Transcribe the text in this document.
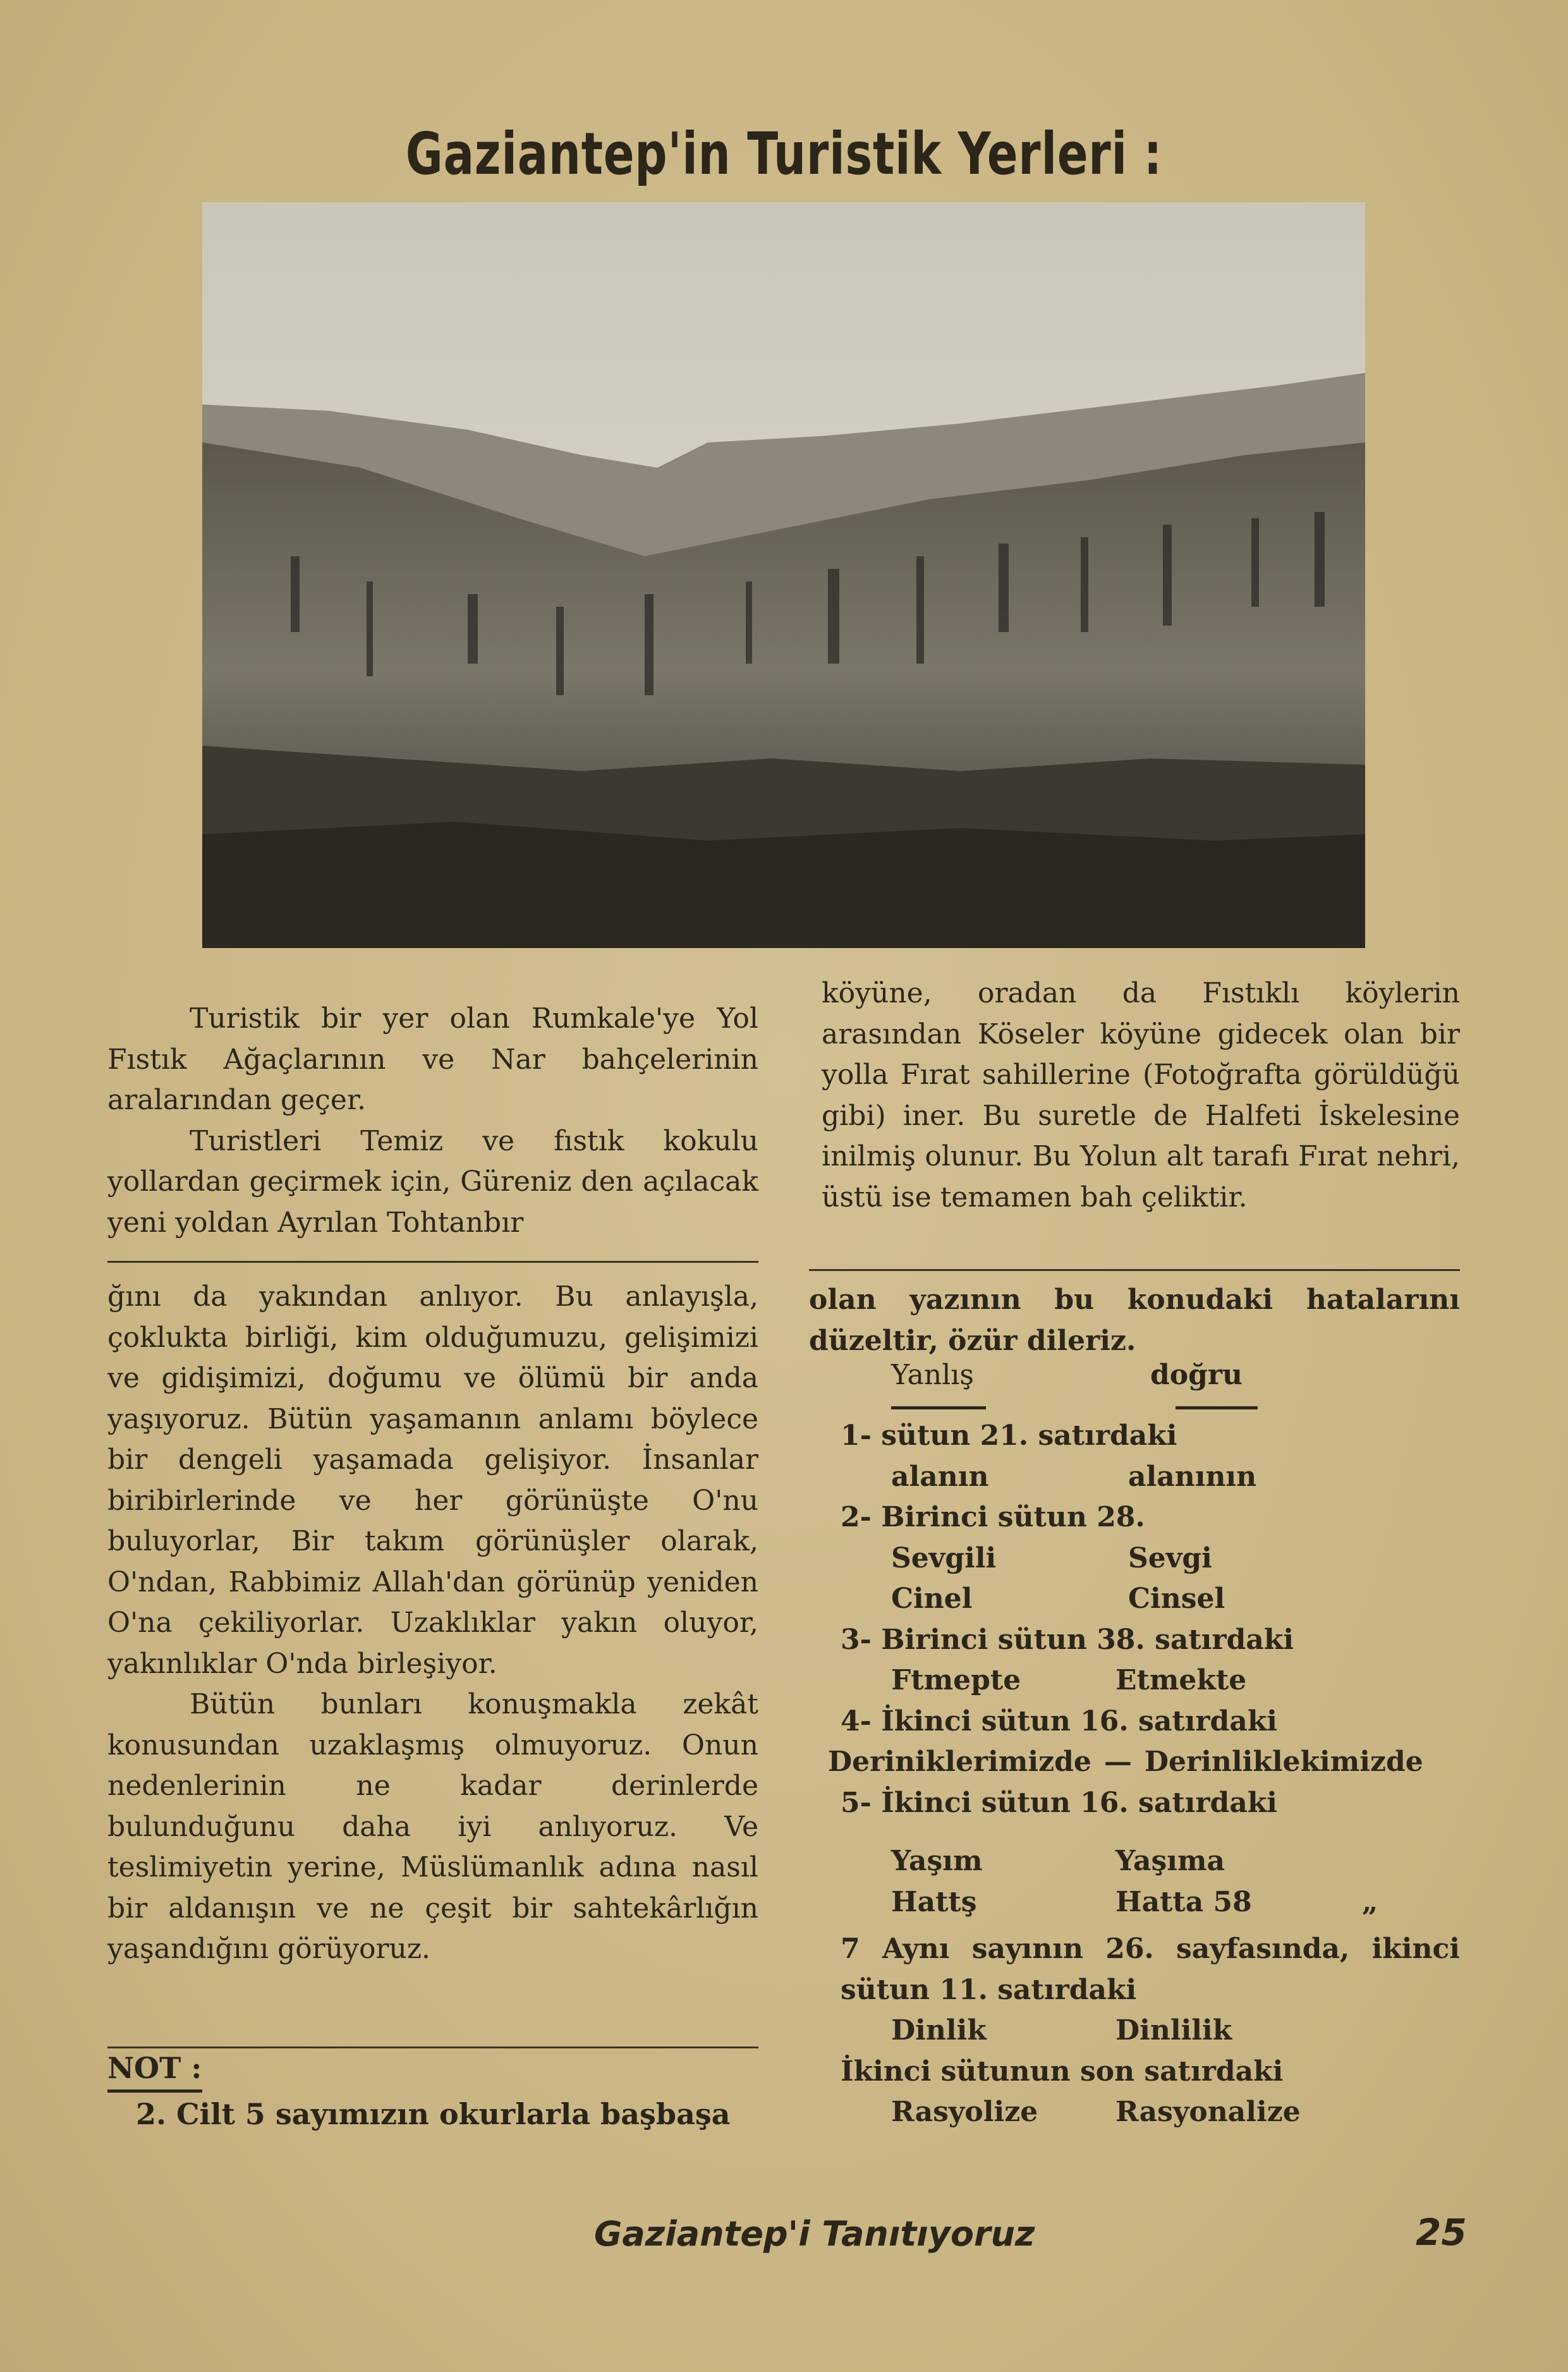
Gaziantep'in Turistik Yerleri :

Turistik bir yer olan Rumkale'ye Yol Fıstık Ağaçlarının ve Nar bahçelerinin aralarından geçer.

Turistleri Temiz ve fıstık kokulu yollardan geçirmek için, Güreniz den açılacak yeni yoldan Ayrılan Tohtanbır

köyüne, oradan da Fıstıklı köylerin arasından Köseler köyüne gidecek olan bir yolla Fırat sahillerine (Fotoğrafta görüldüğü gibi) iner. Bu suretle de Halfeti İskelesine inilmiş olunur. Bu Yolun alt tarafı Fırat nehri, üstü ise temamen bah çeliktir.

ğını da yakından anlıyor. Bu anlayışla, çoklukta birliği, kim olduğumuzu, gelişimizi ve gidişimizi, doğumu ve ölümü bir anda yaşıyoruz. Bütün yaşamanın anlamı böylece bir dengeli yaşamada gelişiyor. İnsanlar biribirlerinde ve her görünüşte O'nu buluyorlar, Bir takım görünüşler olarak, O'ndan, Rabbimiz Allah'dan görünüp yeniden O'na çekiliyorlar. Uzaklıklar yakın oluyor, yakınlıklar O'nda birleşiyor.

Bütün bunları konuşmakla zekât konusundan uzaklaşmış olmuyoruz. Onun nedenlerinin ne kadar derinlerde bulunduğunu daha iyi anlıyoruz. Ve teslimiyetin yerine, Müslümanlık adına nasıl bir aldanışın ve ne çeşit bir sahtekârlığın yaşandığını görüyoruz.

NOT :
2. Cilt 5 sayımızın okurlarla başbaşa

olan yazının bu konudaki hatalarını düzeltir, özür dileriz.

Yanlış	doğru
1- sütun 21. satırdaki
alanın	alanının
2- Birinci sütun 28.
Sevgili	Sevgi
Cinel	Cinsel
3- Birinci sütun 38. satırdaki
Ftmepte	Etmekte
4- İkinci sütun 16. satırdaki
Deriniklerimizde — Derinliklekimizde
5- İkinci sütun 16. satırdaki
Yaşım	Yaşıma
Hattş	Hatta 58	„
7 Aynı sayının 26. sayfasında, ikinci sütun 11. satırdaki
Dinlik	Dinlilik
İkinci sütunun son satırdaki
Rasyolize	Rasyonalize
Gaziantep'i Tanıtıyoruz	25
